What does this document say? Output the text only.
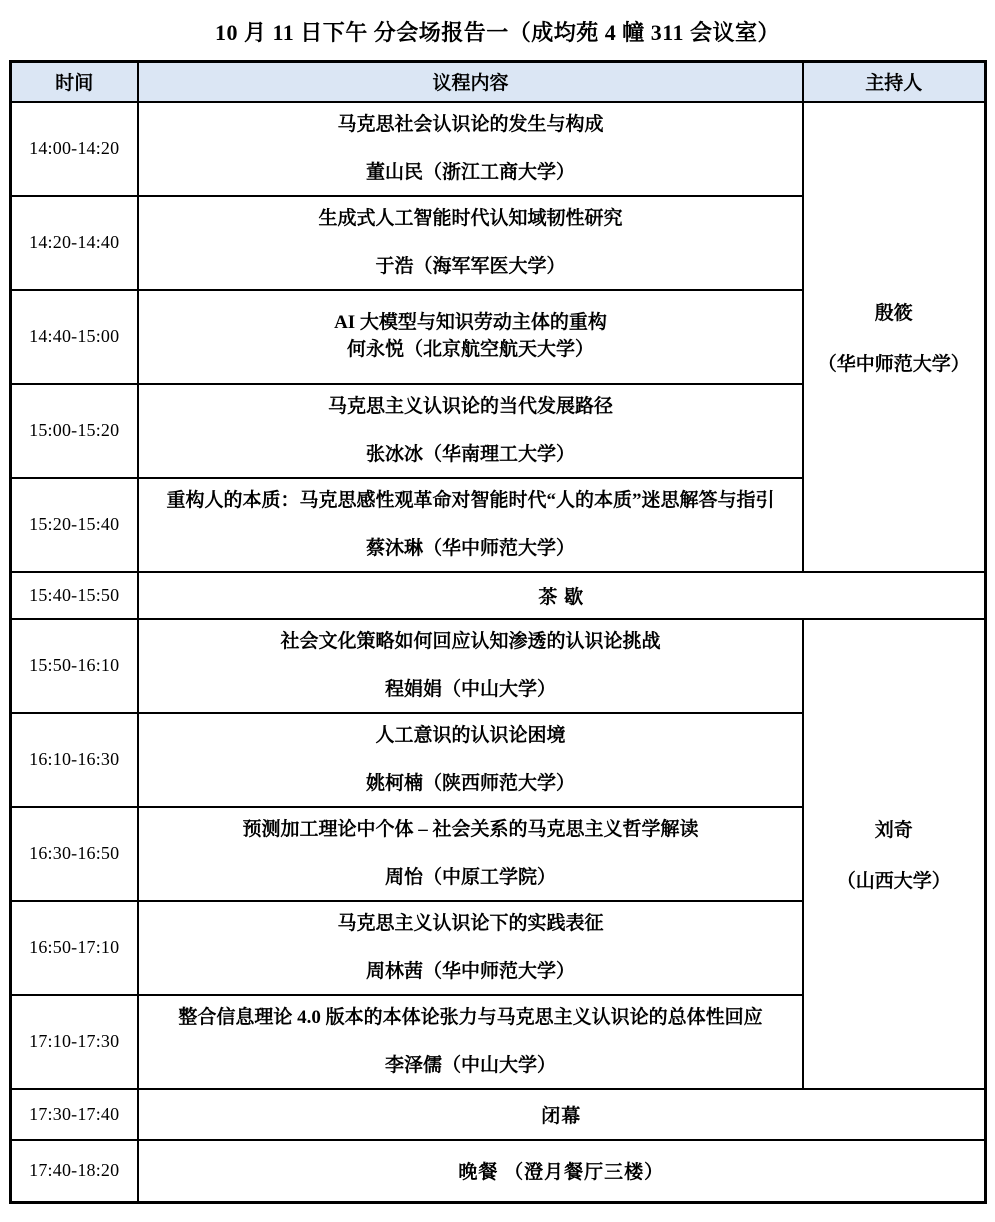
10 月 11 日下午 分会场报告一（成均苑 4 幢 311 会议室）
时间	议程内容	主持人
14:00-14:20	马克思社会认识论的发生与构成
董山民（浙江工商大学）	殷筱
（华中师范大学）

14:20-14:40	生成式人工智能时代认知域韧性研究
于浩（海军军医大学）	

14:40-15:00	AI 大模型与知识劳动主体的重构
何永悦（北京航空航天大学）	

15:00-15:20	马克思主义认识论的当代发展路径
张冰冰（华南理工大学）	

15:20-15:40	重构人的本质：马克思感性观革命对智能时代“人的本质”迷思解答与指引
蔡沐琳（华中师范大学）	

15:40-15:50	茶 歇	
15:50-16:10	社会文化策略如何回应认知渗透的认识论挑战
程娟娟（中山大学）	刘奇
（山西大学）

16:10-16:30	人工意识的认识论困境
姚柯楠（陕西师范大学）	

16:30-16:50	预测加工理论中个体 – 社会关系的马克思主义哲学解读
周怡（中原工学院）	

16:50-17:10	马克思主义认识论下的实践表征
周林茜（华中师范大学）	

17:10-17:30	整合信息理论 4.0 版本的本体论张力与马克思主义认识论的总体性回应
李泽儒（中山大学）	

17:30-17:40	闭幕	
17:40-18:20	晚餐 （澄月餐厅三楼）	
